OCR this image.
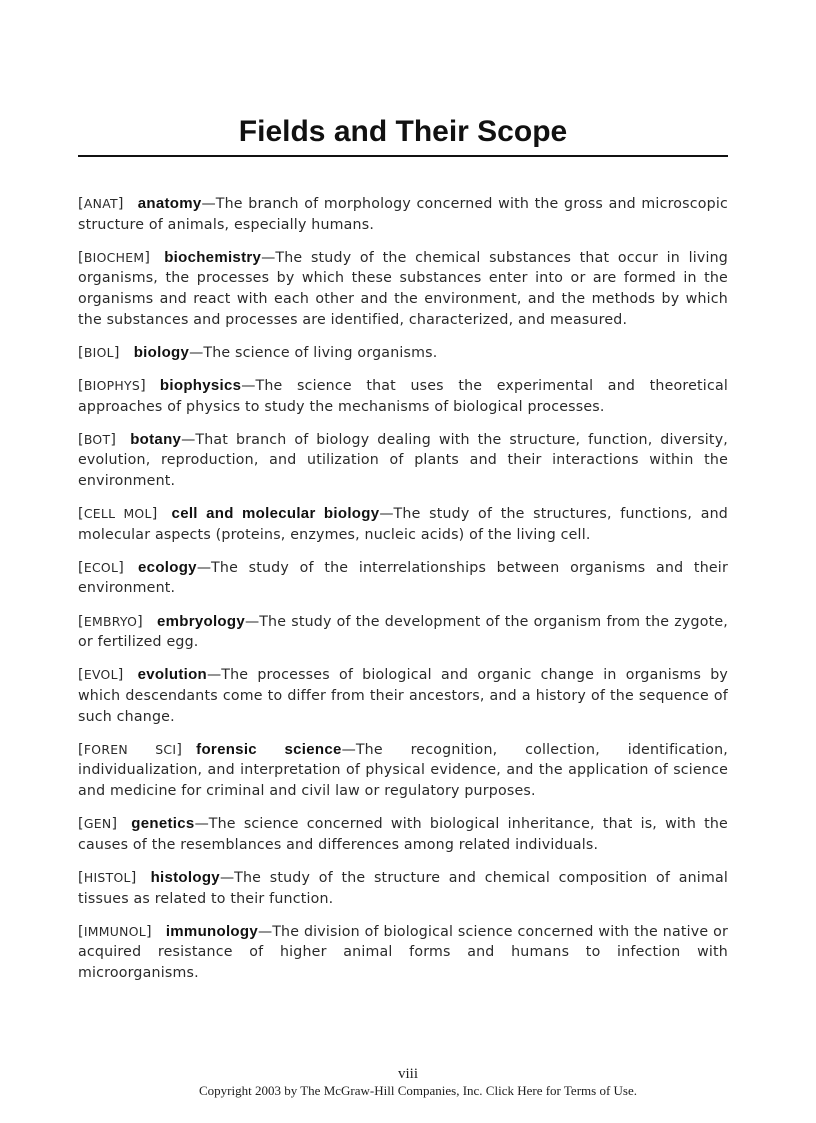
Fields and Their Scope

[ANAT] anatomy—The branch of morphology concerned with the gross and microscopic structure of animals, especially humans.

[BIOCHEM] biochemistry—The study of the chemical substances that occur in living organisms, the processes by which these substances enter into or are formed in the organisms and react with each other and the environment, and the methods by which the substances and processes are identified, characterized, and measured.

[BIOL] biology—The science of living organisms.

[BIOPHYS] biophysics—The science that uses the experimental and theoretical approaches of physics to study the mechanisms of biological processes.

[BOT] botany—That branch of biology dealing with the structure, function, diversity, evolution, reproduction, and utilization of plants and their interactions within the environment.

[CELL MOL] cell and molecular biology—The study of the structures, functions, and molecular aspects (proteins, enzymes, nucleic acids) of the living cell.

[ECOL] ecology—The study of the interrelationships between organisms and their environment.

[EMBRYO] embryology—The study of the development of the organism from the zygote, or fertilized egg.

[EVOL] evolution—The processes of biological and organic change in organisms by which descendants come to differ from their ancestors, and a history of the sequence of such change.

[FOREN SCI] forensic science—The recognition, collection, identification, individualization, and interpretation of physical evidence, and the application of science and medicine for criminal and civil law or regulatory purposes.

[GEN] genetics—The science concerned with biological inheritance, that is, with the causes of the resemblances and differences among related individuals.

[HISTOL] histology—The study of the structure and chemical composition of animal tissues as related to their function.

[IMMUNOL] immunology—The division of biological science concerned with the native or acquired resistance of higher animal forms and humans to infection with microorganisms.

viii

Copyright 2003 by The McGraw-Hill Companies, Inc. Click Here for Terms of Use.
